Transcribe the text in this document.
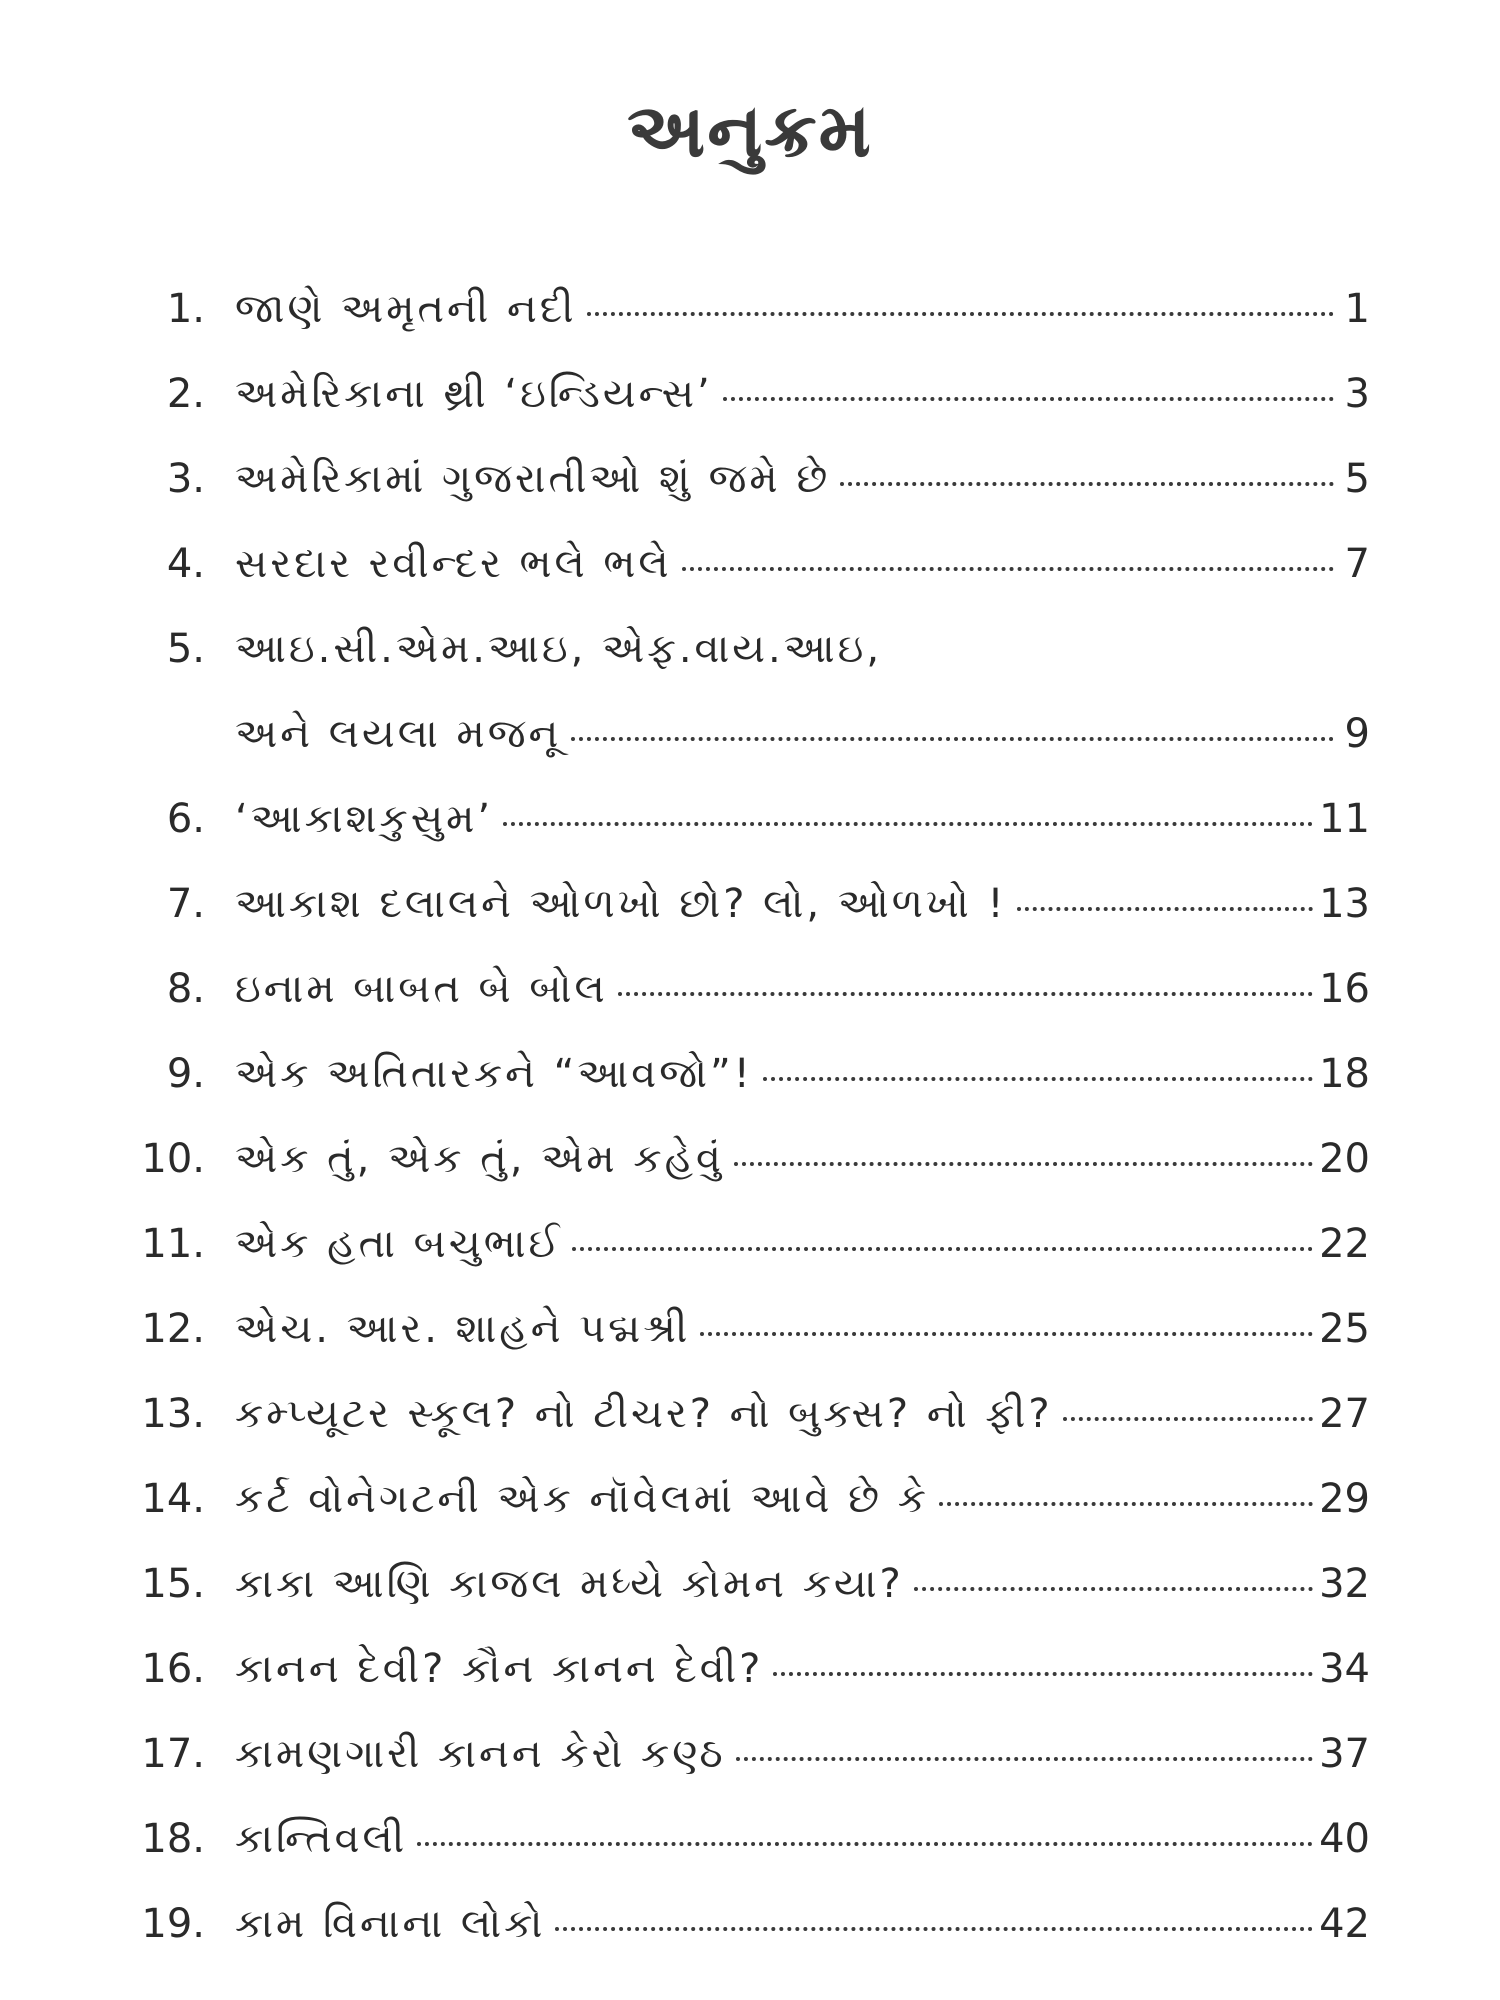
અનુક્રમ
1. જાણે અમૃતની નદી	1
2. અમેરિકાના થ્રી ‘ઇન્ડિયન્સ’	3
3. અમેરિકામાં ગુજરાતીઓ શું જમે છે	5
4. સરદાર રવીન્દર ભલે ભલે	7
5. આઇ.સી.એમ.આઇ, એફ.વાય.આઇ,
અને લયલા મજનૂ	9
6. ‘આકાશકુસુમ’	11
7. આકાશ દલાલને ઓળખો છો? લો, ઓળખો !	13
8. ઇનામ બાબત બે બોલ	16
9. એક અતિતારકને “આવજો”!	18
10. એક તું, એક તું, એમ કહેવું	20
11. એક હતા બચુભાઈ	22
12. એચ. આર. શાહને પદ્મશ્રી	25
13. કમ્પ્યૂટર સ્કૂલ? નો ટીચર? નો બુક્સ? નો ફી?	27
14. કર્ટ વોનેગટની એક નૉવેલમાં આવે છે કે	29
15. કાકા આણિ કાજલ મધ્યે કોમન કયા?	32
16. કાનન દેવી? કૌન કાનન દેવી?	34
17. કામણગારી કાનન કેરો કણ્ઠ	37
18. કાન્તિવલી	40
19. કામ વિનાના લોકો	42
